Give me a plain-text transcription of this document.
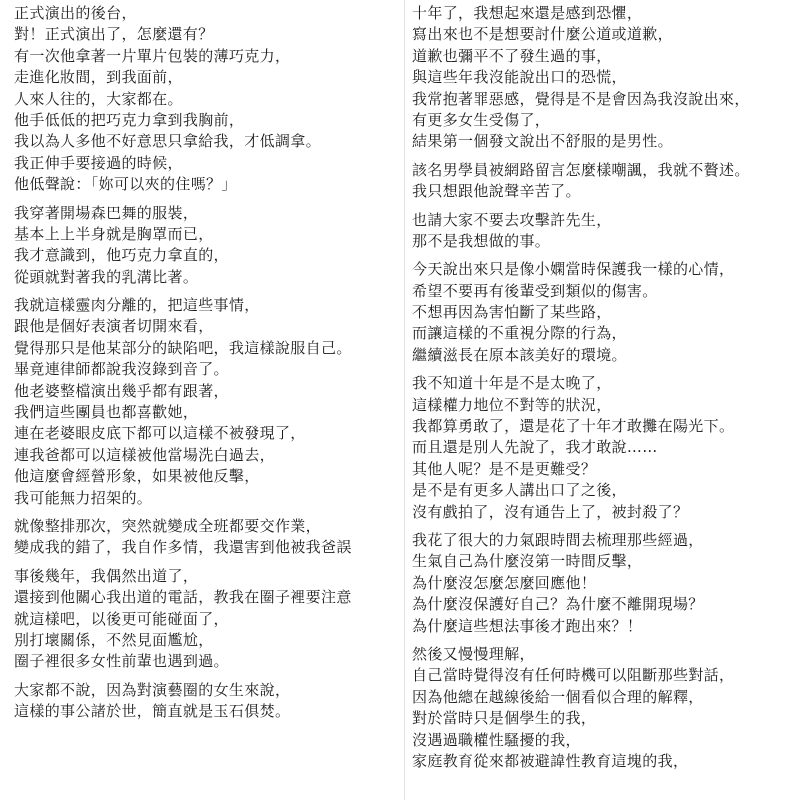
正式演出的後台，
對！正式演出了，怎麼還有？
有一次他拿著一片單片包裝的薄巧克力，
走進化妝間，到我面前，
人來人往的，大家都在。
他手低低的把巧克力拿到我胸前，
我以為人多他不好意思只拿給我，才低調拿。
我正伸手要接過的時候，
他低聲說：「妳可以夾的住嗎？」
我穿著開場森巴舞的服裝，
基本上上半身就是胸罩而已，
我才意識到，他巧克力拿直的，
從頭就對著我的乳溝比著。
我就這樣靈肉分離的，把這些事情，
跟他是個好表演者切開來看，
覺得那只是他某部分的缺陷吧，我這樣說服自己。
畢竟連律師都說我沒錄到音了。
他老婆整檔演出幾乎都有跟著，
我們這些團員也都喜歡她，
連在老婆眼皮底下都可以這樣不被發現了，
連我爸都可以這樣被他當場洗白過去，
他這麼會經營形象，如果被他反擊，
我可能無力招架的。
就像整排那次，突然就變成全班都要交作業，
變成我的錯了，我自作多情，我還害到他被我爸誤
事後幾年，我偶然出道了，
還接到他關心我出道的電話，教我在圈子裡要注意
就這樣吧，以後更可能碰面了，
別打壞關係，不然見面尷尬，
圈子裡很多女性前輩也遇到過。
大家都不說，因為對演藝圈的女生來說，
這樣的事公諸於世，簡直就是玉石俱焚。
十年了，我想起來還是感到恐懼，
寫出來也不是想要討什麼公道或道歉，
道歉也彌平不了發生過的事，
與這些年我沒能說出口的恐慌，
我常抱著罪惡感，覺得是不是會因為我沒說出來，
有更多女生受傷了，
結果第一個發文說出不舒服的是男性。
該名男學員被網路留言怎麼樣嘲諷，我就不贅述。
我只想跟他說聲辛苦了。
也請大家不要去攻擊許先生，
那不是我想做的事。
今天說出來只是像小嫻當時保護我一樣的心情，
希望不要再有後輩受到類似的傷害。
不想再因為害怕斷了某些路，
而讓這樣的不重視分際的行為，
繼續滋長在原本該美好的環境。
我不知道十年是不是太晚了，
這樣權力地位不對等的狀況，
我都算勇敢了，還是花了十年才敢攤在陽光下。
而且還是別人先說了，我才敢說……
其他人呢？是不是更難受？
是不是有更多人講出口了之後，
沒有戲拍了，沒有通告上了，被封殺了？
我花了很大的力氣跟時間去梳理那些經過，
生氣自己為什麼沒第一時間反擊，
為什麼沒怎麼怎麼回應他！
為什麼沒保護好自己？為什麼不離開現場？
為什麼這些想法事後才跑出來？！
然後又慢慢理解，
自己當時覺得沒有任何時機可以阻斷那些對話，
因為他總在越線後給一個看似合理的解釋，
對於當時只是個學生的我，
沒遇過職權性騷擾的我，
家庭教育從來都被避諱性教育這塊的我，
